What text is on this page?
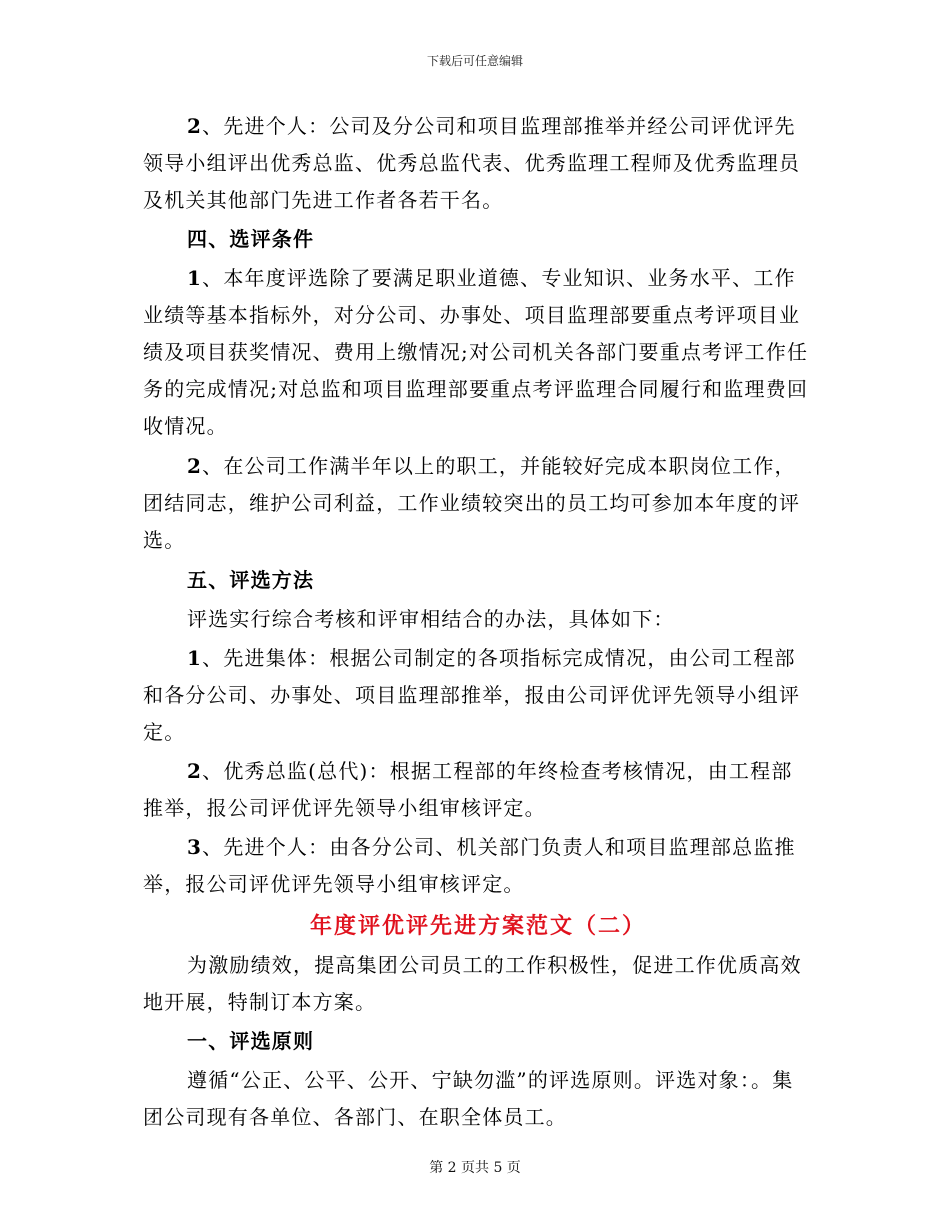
下载后可任意编辑

2、先进个人：公司及分公司和项目监理部推举并经公司评优评先领导小组评出优秀总监、优秀总监代表、优秀监理工程师及优秀监理员及机关其他部门先进工作者各若干名。

四、选评条件

1、本年度评选除了要满足职业道德、专业知识、业务水平、工作业绩等基本指标外，对分公司、办事处、项目监理部要重点考评项目业绩及项目获奖情况、费用上缴情况;对公司机关各部门要重点考评工作任务的完成情况;对总监和项目监理部要重点考评监理合同履行和监理费回收情况。

2、在公司工作满半年以上的职工，并能较好完成本职岗位工作，团结同志，维护公司利益，工作业绩较突出的员工均可参加本年度的评选。

五、评选方法

评选实行综合考核和评审相结合的办法，具体如下：

1、先进集体：根据公司制定的各项指标完成情况，由公司工程部和各分公司、办事处、项目监理部推举，报由公司评优评先领导小组评定。

2、优秀总监(总代)：根据工程部的年终检查考核情况，由工程部推举，报公司评优评先领导小组审核评定。

3、先进个人：由各分公司、机关部门负责人和项目监理部总监推举，报公司评优评先领导小组审核评定。

年度评优评先进方案范文（二）

为激励绩效，提高集团公司员工的工作积极性，促进工作优质高效地开展，特制订本方案。

一、评选原则

遵循“公正、公平、公开、宁缺勿滥”的评选原则。评选对象：。集团公司现有各单位、各部门、在职全体员工。

第 2 页共 5 页
